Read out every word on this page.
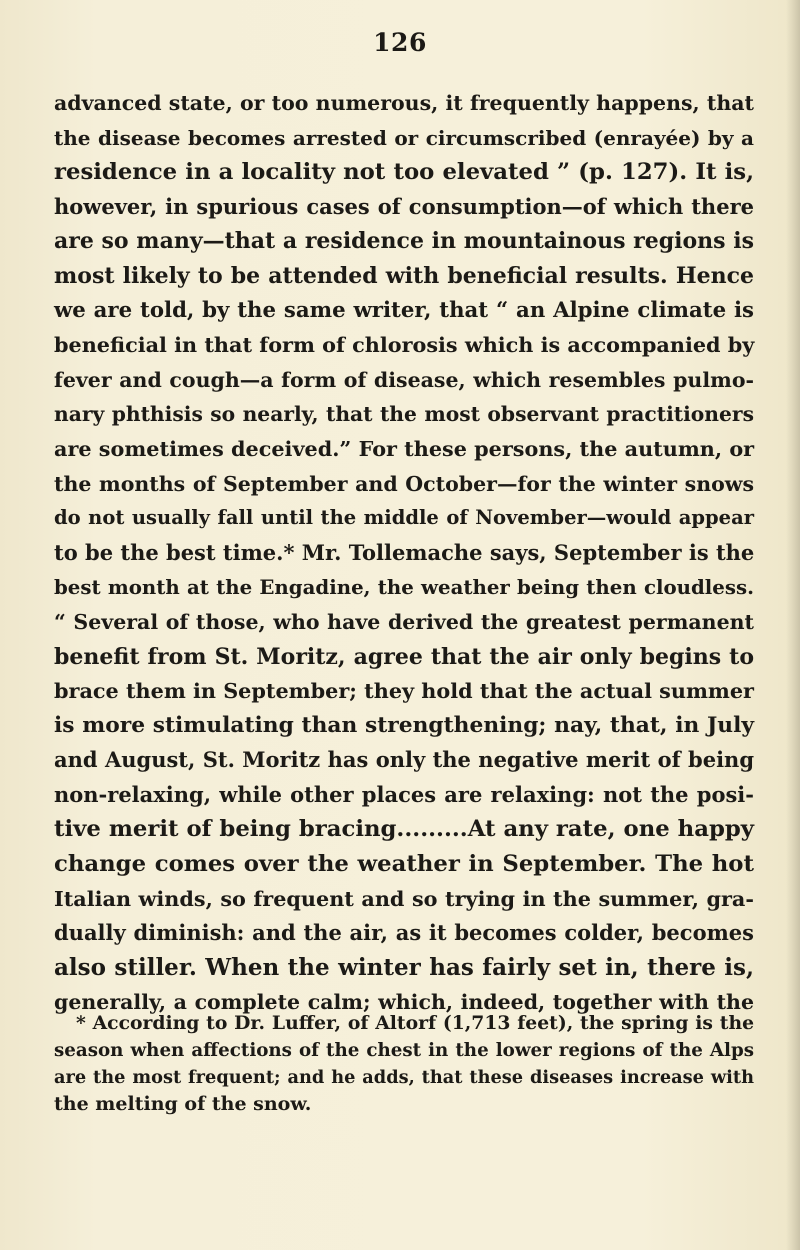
126
advanced state, or too numerous, it frequently happens, that
the disease becomes arrested or circumscribed (enrayée) by a
residence in a locality not too elevated ” (p. 127). It is,
however, in spurious cases of consumption—of which there
are so many—that a residence in mountainous regions is
most likely to be attended with beneficial results. Hence
we are told, by the same writer, that “ an Alpine climate is
beneficial in that form of chlorosis which is accompanied by
fever and cough—a form of disease, which resembles pulmo-
nary phthisis so nearly, that the most observant practitioners
are sometimes deceived.” For these persons, the autumn, or
the months of September and October—for the winter snows
do not usually fall until the middle of November—would appear
to be the best time.* Mr. Tollemache says, September is the
best month at the Engadine, the weather being then cloudless.
“ Several of those, who have derived the greatest permanent
benefit from St. Moritz, agree that the air only begins to
brace them in September; they hold that the actual summer
is more stimulating than strengthening; nay, that, in July
and August, St. Moritz has only the negative merit of being
non-relaxing, while other places are relaxing: not the posi-
tive merit of being bracing.........At any rate, one happy
change comes over the weather in September. The hot
Italian winds, so frequent and so trying in the summer, gra-
dually diminish: and the air, as it becomes colder, becomes
also stiller. When the winter has fairly set in, there is,
generally, a complete calm; which, indeed, together with the
* According to Dr. Luffer, of Altorf (1,713 feet), the spring is the
season when affections of the chest in the lower regions of the Alps
are the most frequent; and he adds, that these diseases increase with
the melting of the snow.
